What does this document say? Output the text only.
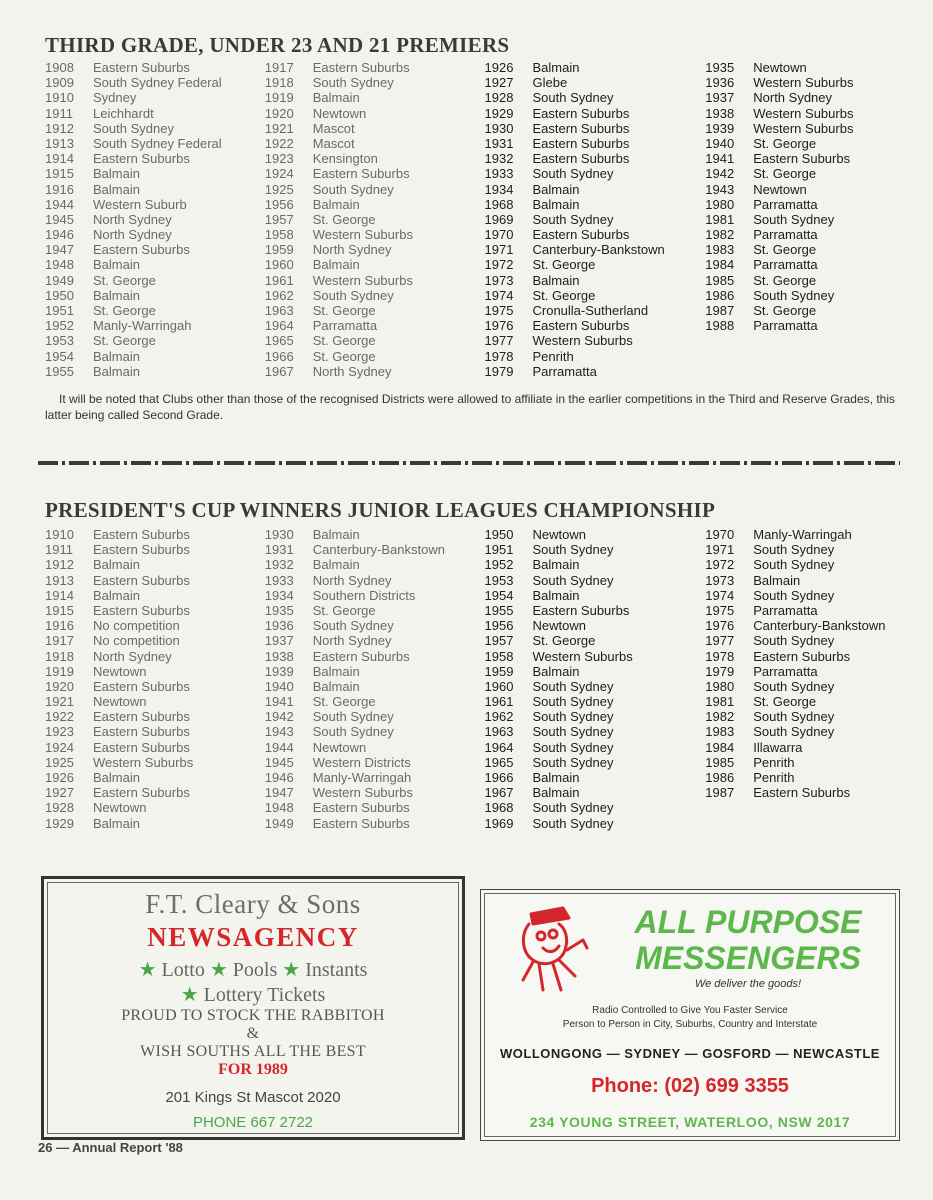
THIRD GRADE, UNDER 23 AND 21 PREMIERS
1908	Eastern Suburbs
1909	South Sydney Federal
1910	Sydney
1911	Leichhardt
1912	South Sydney
1913	South Sydney Federal
1914	Eastern Suburbs
1915	Balmain
1916	Balmain
1944	Western Suburb
1945	North Sydney
1946	North Sydney
1947	Eastern Suburbs
1948	Balmain
1949	St. George
1950	Balmain
1951	St. George
1952	Manly-Warringah
1953	St. George
1954	Balmain
1955	Balmain
1917	Eastern Suburbs
1918	South Sydney
1919	Balmain
1920	Newtown
1921	Mascot
1922	Mascot
1923	Kensington
1924	Eastern Suburbs
1925	South Sydney
1956	Balmain
1957	St. George
1958	Western Suburbs
1959	North Sydney
1960	Balmain
1961	Western Suburbs
1962	South Sydney
1963	St. George
1964	Parramatta
1965	St. George
1966	St. George
1967	North Sydney
1926	Balmain
1927	Glebe
1928	South Sydney
1929	Eastern Suburbs
1930	Eastern Suburbs
1931	Eastern Suburbs
1932	Eastern Suburbs
1933	South Sydney
1934	Balmain
1968	Balmain
1969	South Sydney
1970	Eastern Suburbs
1971	Canterbury-Bankstown
1972	St. George
1973	Balmain
1974	St. George
1975	Cronulla-Sutherland
1976	Eastern Suburbs
1977	Western Suburbs
1978	Penrith
1979	Parramatta
1935	Newtown
1936	Western Suburbs
1937	North Sydney
1938	Western Suburbs
1939	Western Suburbs
1940	St. George
1941	Eastern Suburbs
1942	St. George
1943	Newtown
1980	Parramatta
1981	South Sydney
1982	Parramatta
1983	St. George
1984	Parramatta
1985	St. George
1986	South Sydney
1987	St. George
1988	Parramatta

It will be noted that Clubs other than those of the recognised Districts were allowed to affiliate in the earlier competitions in the Third and Reserve Grades, this latter being called Second Grade.

PRESIDENT'S CUP WINNERS JUNIOR LEAGUES CHAMPIONSHIP
1910	Eastern Suburbs
1911	Eastern Suburbs
1912	Balmain
1913	Eastern Suburbs
1914	Balmain
1915	Eastern Suburbs
1916	No competition
1917	No competition
1918	North Sydney
1919	Newtown
1920	Eastern Suburbs
1921	Newtown
1922	Eastern Suburbs
1923	Eastern Suburbs
1924	Eastern Suburbs
1925	Western Suburbs
1926	Balmain
1927	Eastern Suburbs
1928	Newtown
1929	Balmain
1930	Balmain
1931	Canterbury-Bankstown
1932	Balmain
1933	North Sydney
1934	Southern Districts
1935	St. George
1936	South Sydney
1937	North Sydney
1938	Eastern Suburbs
1939	Balmain
1940	Balmain
1941	St. George
1942	South Sydney
1943	South Sydney
1944	Newtown
1945	Western Districts
1946	Manly-Warringah
1947	Western Suburbs
1948	Eastern Suburbs
1949	Eastern Suburbs
1950	Newtown
1951	South Sydney
1952	Balmain
1953	South Sydney
1954	Balmain
1955	Eastern Suburbs
1956	Newtown
1957	St. George
1958	Western Suburbs
1959	Balmain
1960	South Sydney
1961	South Sydney
1962	South Sydney
1963	South Sydney
1964	South Sydney
1965	South Sydney
1966	Balmain
1967	Balmain
1968	South Sydney
1969	South Sydney
1970	Manly-Warringah
1971	South Sydney
1972	South Sydney
1973	Balmain
1974	South Sydney
1975	Parramatta
1976	Canterbury-Bankstown
1977	South Sydney
1978	Eastern Suburbs
1979	Parramatta
1980	South Sydney
1981	St. George
1982	South Sydney
1983	South Sydney
1984	Illawarra
1985	Penrith
1986	Penrith
1987	Eastern Suburbs
F.T. Cleary & Sons
NEWSAGENCY
★ Lotto ★ Pools ★ Instants
★ Lottery Tickets
PROUD TO STOCK THE RABBITOH
&
WISH SOUTHS ALL THE BEST
FOR 1989
201 Kings St Mascot 2020
PHONE 667 2722
ALL PURPOSE
MESSENGERS
We deliver the goods!
Radio Controlled to Give You Faster Service
Person to Person in City, Suburbs, Country and Interstate
WOLLONGONG — SYDNEY — GOSFORD — NEWCASTLE
Phone: (02) 699 3355
234 YOUNG STREET, WATERLOO, NSW 2017
26 — Annual Report '88
